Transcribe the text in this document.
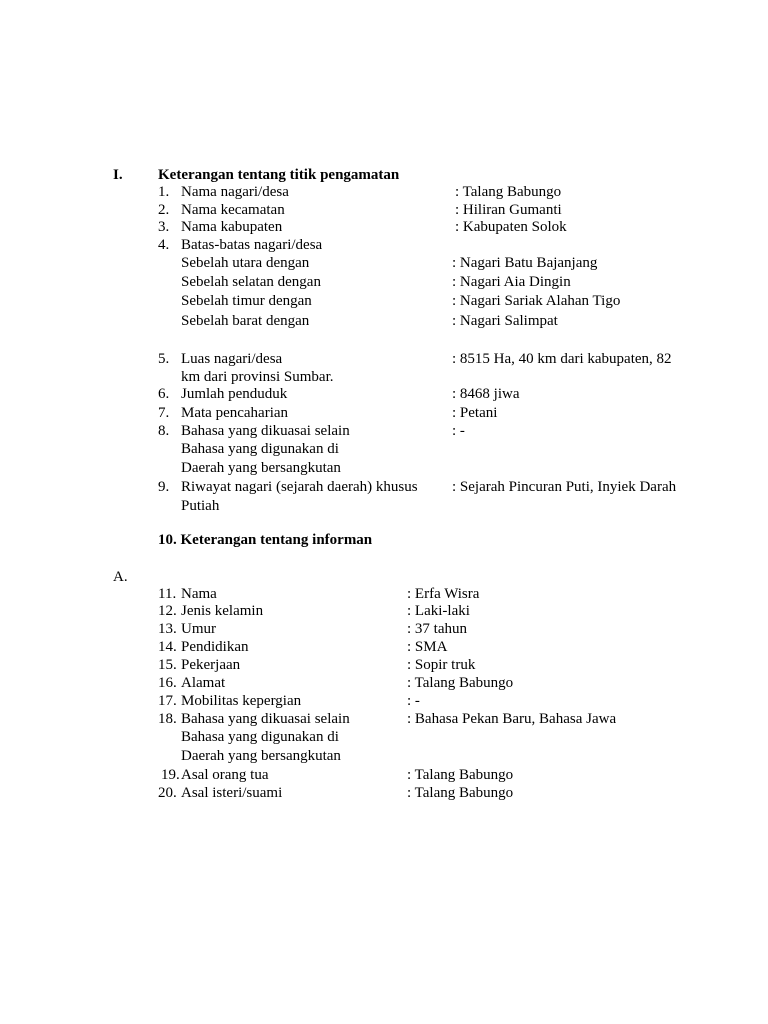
I. Keterangan tentang titik pengamatan
1. Nama nagari/desa	: Talang Babungo
2. Nama kecamatan	: Hiliran Gumanti
3. Nama kabupaten	: Kabupaten Solok
4. Batas-batas nagari/desa
Sebelah utara dengan	: Nagari Batu Bajanjang
Sebelah selatan dengan	: Nagari Aia Dingin
Sebelah timur dengan	: Nagari Sariak Alahan Tigo
Sebelah barat dengan	: Nagari Salimpat
5. Luas nagari/desa	: 8515 Ha, 40 km dari kabupaten, 82
km dari provinsi Sumbar.
6. Jumlah penduduk	: 8468 jiwa
7. Mata pencaharian	: Petani
8. Bahasa yang dikuasai selain	: -
Bahasa yang digunakan di
Daerah yang bersangkutan
9. Riwayat nagari (sejarah daerah) khusus : Sejarah Pincuran Puti, Inyiek Darah
Putiah
10. Keterangan tentang informan
A.
11. Nama	: Erfa Wisra
12. Jenis kelamin	: Laki-laki
13. Umur	: 37 tahun
14. Pendidikan	: SMA
15. Pekerjaan	: Sopir truk
16. Alamat	: Talang Babungo
17. Mobilitas kepergian	: -
18. Bahasa yang dikuasai selain	: Bahasa Pekan Baru, Bahasa Jawa
Bahasa yang digunakan di
Daerah yang bersangkutan
19. Asal orang tua	: Talang Babungo
20. Asal isteri/suami	: Talang Babungo
